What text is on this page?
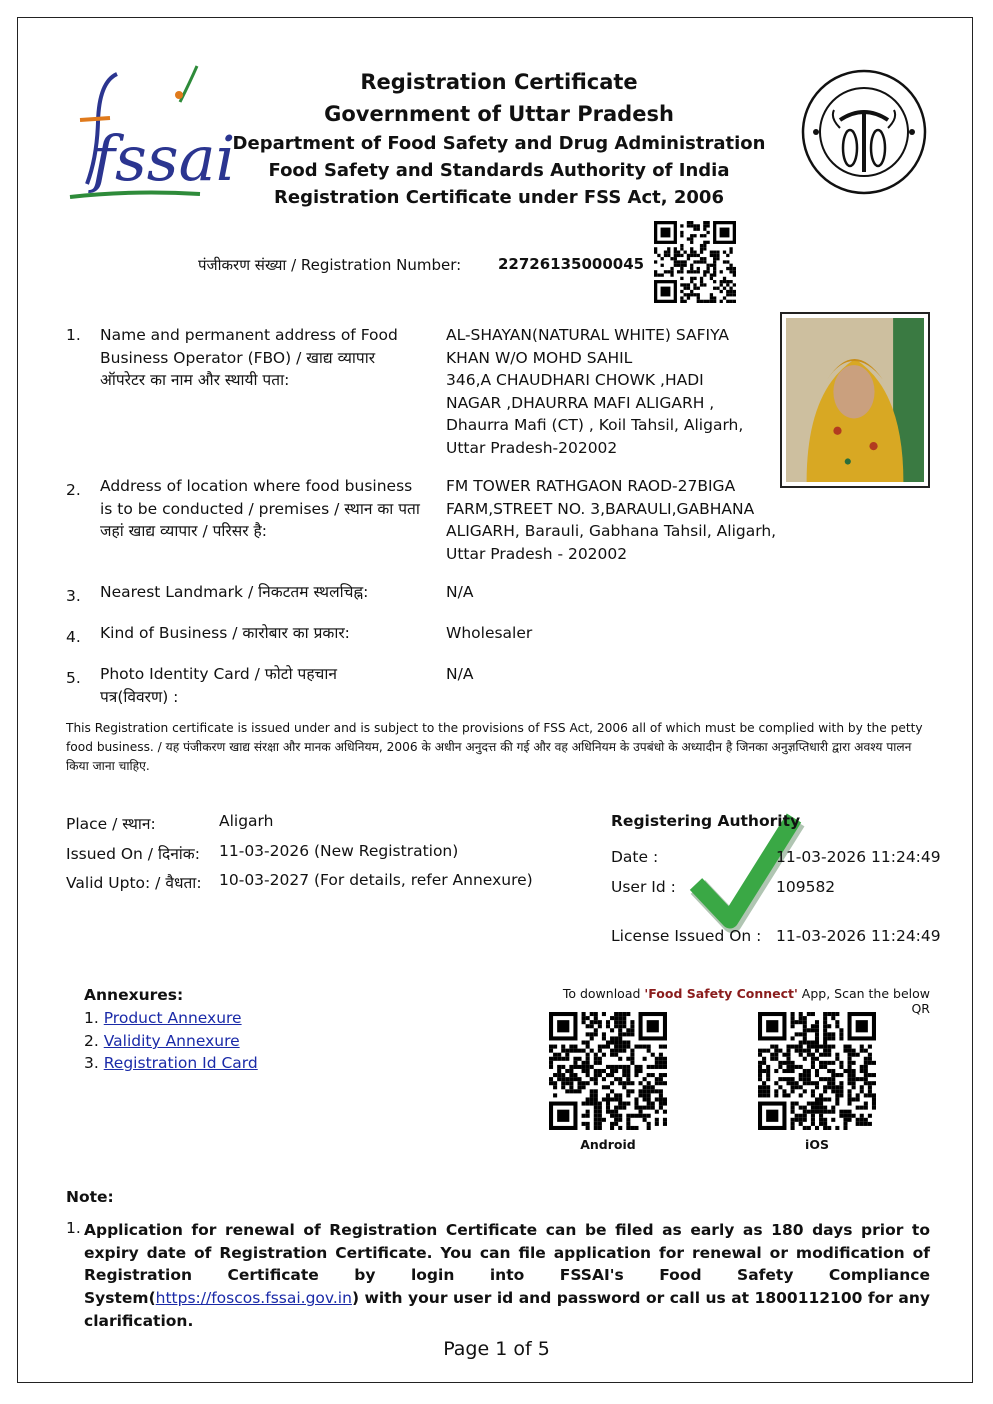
fssai
Registration Certificate
Government of Uttar Pradesh
Department of Food Safety and Drug Administration
Food Safety and Standards Authority of India
Registration Certificate under FSS Act, 2006
पंजीकरण संख्या / Registration Number: 22726135000045
1. Name and permanent address of Food Business Operator (FBO) / खाद्य व्यापार ऑपरेटर का नाम और स्थायी पता:
AL-SHAYAN(NATURAL WHITE) SAFIYA
KHAN W/O MOHD SAHIL
346,A CHAUDHARI CHOWK ,HADI
NAGAR ,DHAURRA MAFI ALIGARH ,
Dhaurra Mafi (CT) , Koil Tahsil, Aligarh,
Uttar Pradesh-202002
2. Address of location where food business is to be conducted / premises / स्थान का पता जहां खाद्य व्यापार / परिसर है:
FM TOWER RATHGAON RAOD-27BIGA
FARM,STREET NO. 3,BARAULI,GABHANA
ALIGARH, Barauli, Gabhana Tahsil, Aligarh,
Uttar Pradesh - 202002
3. Nearest Landmark / निकटतम स्थलचिह्न:	N/A
4. Kind of Business / कारोबार का प्रकार:	Wholesaler
5. Photo Identity Card / फोटो पहचान पत्र(विवरण) :
N/A
This Registration certificate is issued under and is subject to the provisions of FSS Act, 2006 all of which must be complied with by the petty food business. / यह पंजीकरण खाद्य संरक्षा और मानक अधिनियम, 2006 के अधीन अनुदत्त की गई और वह अधिनियम के उपबंधो के अध्यादीन है जिनका अनुज्ञप्तिधारी द्वारा अवश्य पालन किया जाना चाहिए.
Place / स्थान:	Aligarh
Issued On / दिनांक: 11-03-2026 (New Registration)
Valid Upto: / वैधता: 10-03-2027 (For details, refer Annexure)
Registering Authority
Date :	11-03-2026 11:24:49
User Id :	109582
License Issued On : 11-03-2026 11:24:49
Annexures:
1. Product Annexure
2. Validity Annexure
3. Registration Id Card
To download 'Food Safety Connect' App, Scan the below QR
Android	iOS
Note:
1. Application for renewal of Registration Certificate can be filed as early as 180 days prior to expiry date of Registration Certificate. You can file application for renewal or modification of Registration Certificate by login into FSSAI's Food Safety Compliance System(https://foscos.fssai.gov.in) with your user id and password or call us at 1800112100 for any clarification.
Page 1 of 5
